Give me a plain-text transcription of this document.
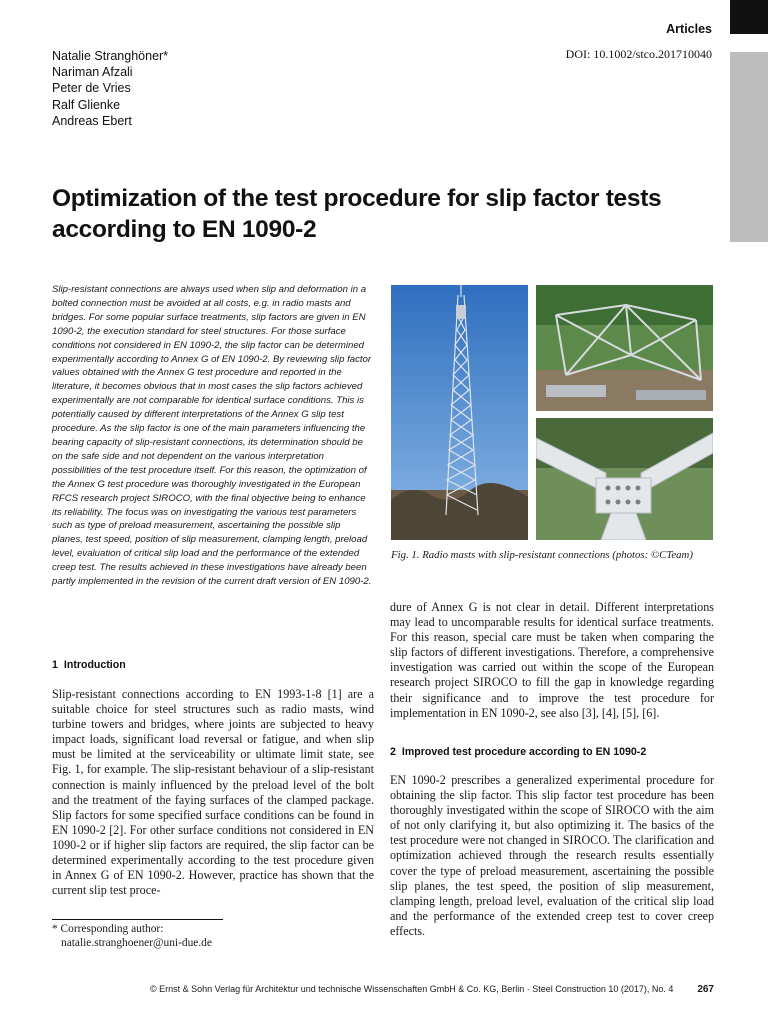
Articles
Natalie Stranghöner*
Nariman Afzali
Peter de Vries
Ralf Glienke
Andreas Ebert
DOI: 10.1002/stco.201710040
Optimization of the test procedure for slip factor tests according to EN 1090-2

Slip-resistant connections are always used when slip and deformation in a bolted connection must be avoided at all costs, e.g. in radio masts and bridges. For some popular surface treatments, slip factors are given in EN 1090-2, the execution standard for steel structures. For those surface conditions not considered in EN 1090-2, the slip factor can be determined experimentally according to Annex G of EN 1090-2. By reviewing slip factor values obtained with the Annex G test procedure and reported in the literature, it becomes obvious that in most cases the slip factors achieved experimentally are not comparable for identical surface conditions. This is potentially caused by different interpretations of the Annex G slip test procedure. As the slip factor is one of the main parameters influencing the bearing capacity of slip-resistant connections, its determination should be on the safe side and not dependent on the various interpretation possibilities of the test procedure itself. For this reason, the optimization of the Annex G test procedure was thoroughly investigated in the European RFCS research project SIROCO, with the final objective being to enhance its reliability. The focus was on investigating the various test parameters such as type of preload measurement, ascertaining the possible slip planes, test speed, position of slip measurement, clamping length, preload level, evaluation of critical slip load and the performance of the extended creep test. The results achieved in these investigations have already been partly implemented in the revision of the current draft version of EN 1090-2.

1 Introduction

Slip-resistant connections according to EN 1993-1-8 [1] are a suitable choice for steel structures such as radio masts, wind turbine towers and bridges, where joints are subjected to heavy impact loads, significant load reversal or fatigue, and when slip must be limited at the serviceability or ultimate limit state, see Fig. 1, for example. The slip-resistant behaviour of a slip-resistant connection is mainly influenced by the preload level of the bolt and the treatment of the faying surfaces of the clamped package. Slip factors for some specified surface conditions can be found in EN 1090-2 [2]. For other surface conditions not considered in EN 1090-2 or if higher slip factors are required, the slip factor can be determined experimentally according to the test procedure given in Annex G of EN 1090-2. However, practice has shown that the current slip test proce-

Fig. 1. Radio masts with slip-resistant connections (photos: ©CTeam)

dure of Annex G is not clear in detail. Different interpretations may lead to uncomparable results for identical surface treatments. For this reason, special care must be taken when comparing the slip factors of different investigations. Therefore, a comprehensive investigation was carried out within the scope of the European research project SIROCO to fill the gap in knowledge regarding their significance and to improve the test procedure for implementation in EN 1090-2, see also [3], [4], [5], [6].

2 Improved test procedure according to EN 1090-2

EN 1090-2 prescribes a generalized experimental procedure for obtaining the slip factor. This slip factor test procedure has been thoroughly investigated within the scope of SIROCO with the aim of not only clarifying it, but also optimizing it. The basics of the test procedure were not changed in SIROCO. The clarification and optimization achieved through the research results essentially cover the type of preload measurement, ascertaining the possible slip planes, the test speed, the position of slip measurement, clamping length, preload level, evaluation of the critical slip load and the performance of the extended creep test to cover creep effects.

* Corresponding author:
natalie.stranghoener@uni-due.de
© Ernst & Sohn Verlag für Architektur und technische Wissenschaften GmbH & Co. KG, Berlin · Steel Construction 10 (2017), No. 4 267
